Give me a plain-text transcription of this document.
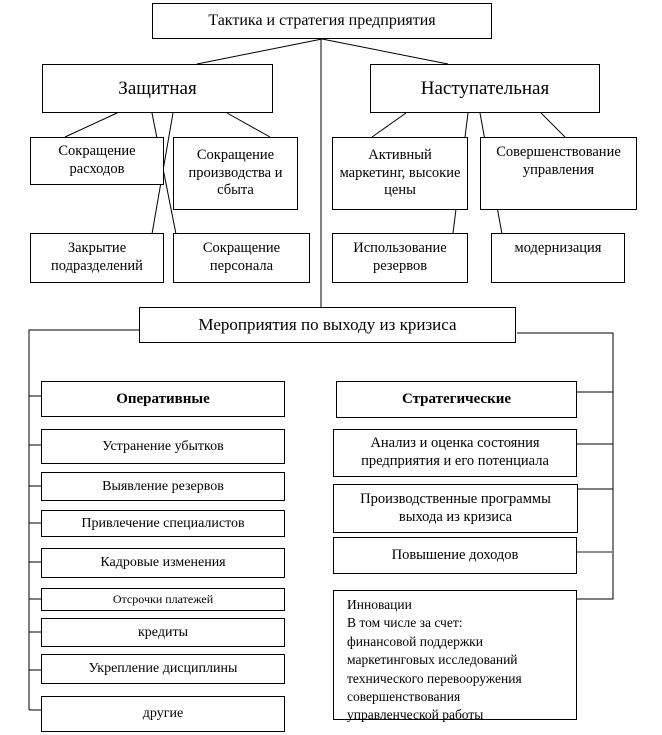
Тактика и стратегия предприятия
Защитная	Наступательная
Сокращение расходов
Сокращение производства и сбыта
Закрытие подразделений
Сокращение персонала
Активный маркетинг, высокие цены
Совершенствование управления
Использование резервов
модернизация
Мероприятия по выходу из кризиса
Оперативные	Стратегические
Устранение убытков
Выявление резервов
Привлечение специалистов
Кадровые изменения
Отсрочки платежей
кредиты
Укрепление дисциплины
другие
Анализ и оценка состояния предприятия и его потенциала
Производственные программы выхода из кризиса
Повышение доходов
Инновации
В том числе за счет:
финансовой поддержки
маркетинговых исследований
технического перевооружения
совершенствования
управленческой работы
